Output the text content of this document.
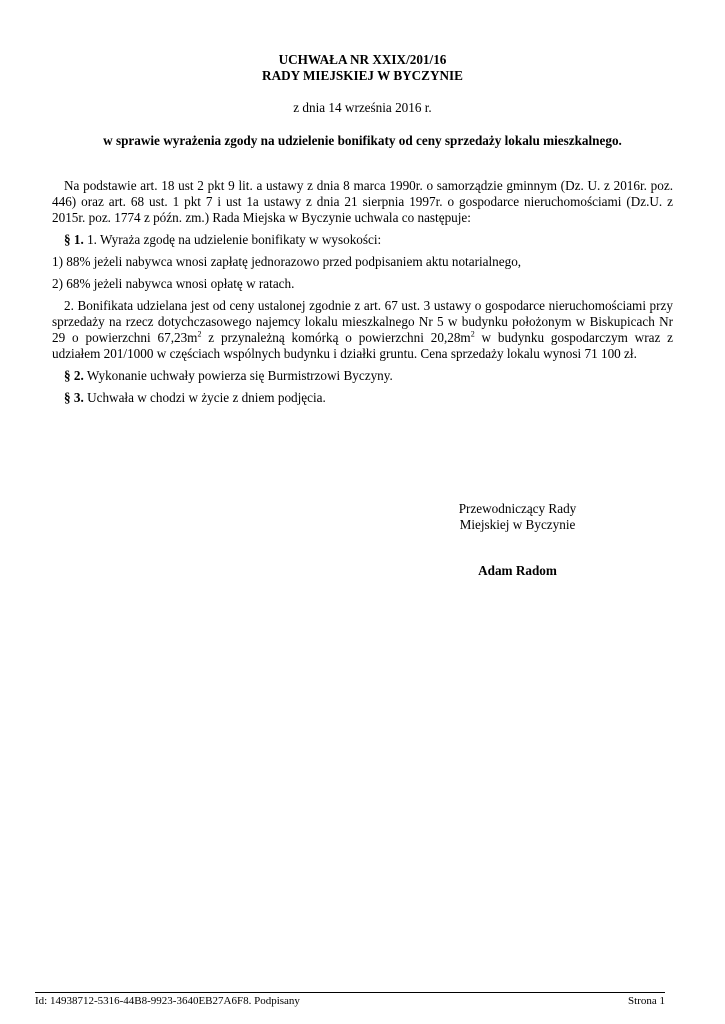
UCHWAŁA NR XXIX/201/16
RADY MIEJSKIEJ W BYCZYNIE
z dnia 14 września 2016 r.
w sprawie wyrażenia zgody na udzielenie bonifikaty od ceny sprzedaży lokalu mieszkalnego.

Na podstawie art. 18 ust 2 pkt 9 lit. a ustawy z dnia 8 marca 1990r. o samorządzie gminnym (Dz. U. z 2016r. poz. 446) oraz art. 68 ust. 1 pkt 7 i ust 1a ustawy z dnia 21 sierpnia 1997r. o gospodarce nieruchomościami (Dz.U. z 2015r. poz. 1774 z późn. zm.) Rada Miejska w Byczynie uchwala co następuje:

§ 1. 1. Wyraża zgodę na udzielenie bonifikaty w wysokości:

1) 88% jeżeli nabywca wnosi zapłatę jednorazowo przed podpisaniem aktu notarialnego,

2) 68% jeżeli nabywca wnosi opłatę w ratach.

2. Bonifikata udzielana jest od ceny ustalonej zgodnie z art. 67 ust. 3 ustawy o gospodarce nieruchomościami przy sprzedaży na rzecz dotychczasowego najemcy lokalu mieszkalnego Nr 5 w budynku położonym w Biskupicach Nr 29 o powierzchni $67,23m^2$ z przynależną komórką o powierzchni $20,28m^2$ w budynku gospodarczym wraz z udziałem 201/1000 w częściach wspólnych budynku i działki gruntu. Cena sprzedaży lokalu wynosi 71 100 zł.

§ 2. Wykonanie uchwały powierza się Burmistrzowi Byczyny.

§ 3. Uchwała w chodzi w życie z dniem podjęcia.

Przewodniczący Rady
Miejskiej w Byczynie
Adam Radom
Id: 14938712-5316-44B8-9923-3640EB27A6F8. Podpisany	Strona 1
